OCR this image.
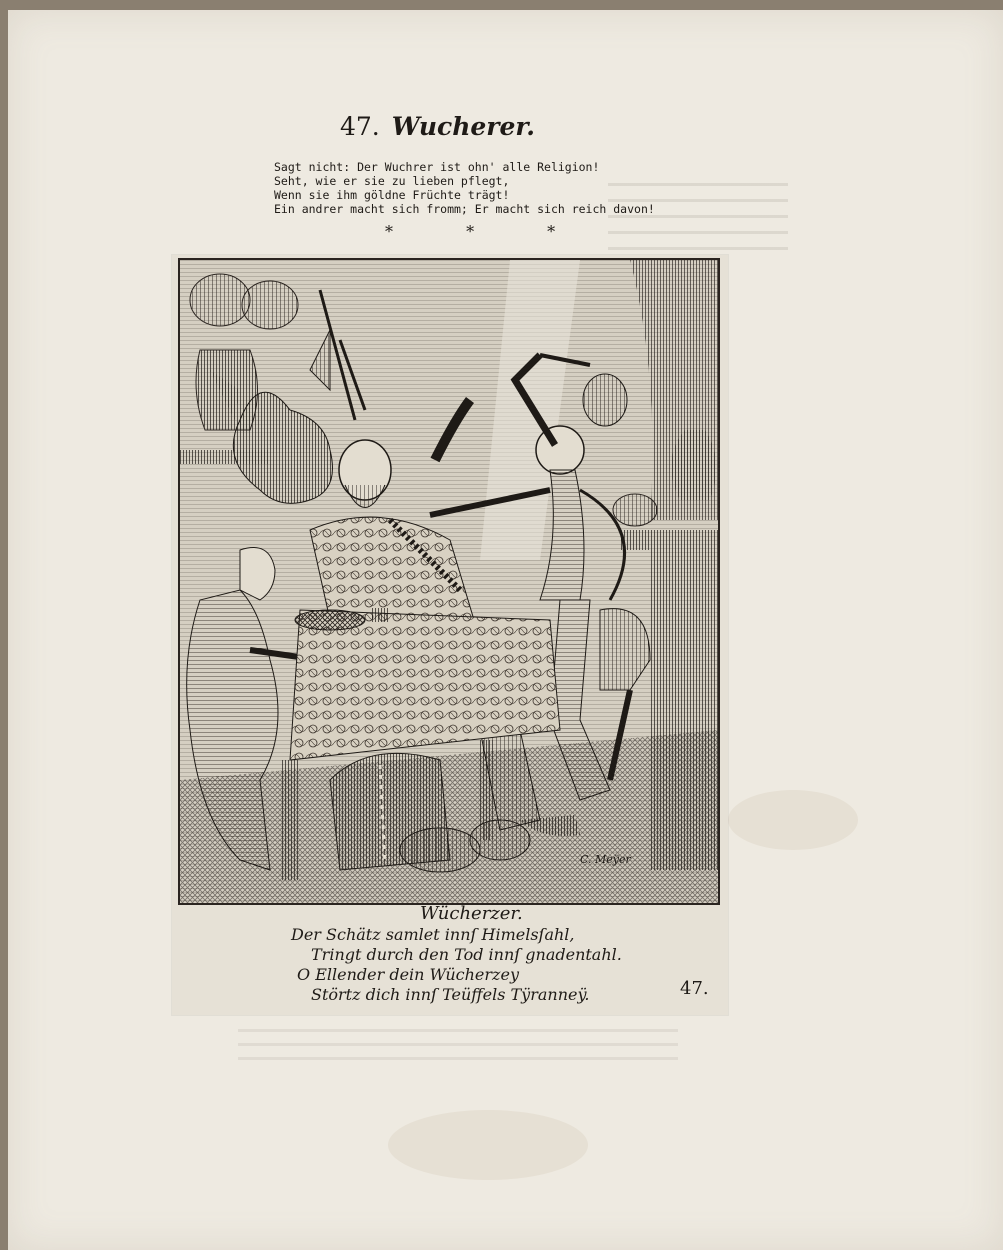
47. Wucherer.
Sagt nicht: Der Wuchrer ist ohn' alle Religion!
Seht, wie er sie zu lieben pflegt,
Wenn sie ihm göldne Früchte trägt!
Ein andrer macht sich fromm; Er macht sich reich davon!
* * *
C. Meÿer
Wücherzer.
Der Schätz samlet innſ Himelsſahl,
Tringt durch den Tod innſ gnadentahl.
O Ellender dein Wücherzey
Störtz dich innſ Teüffels Tÿranneÿ.	47.
